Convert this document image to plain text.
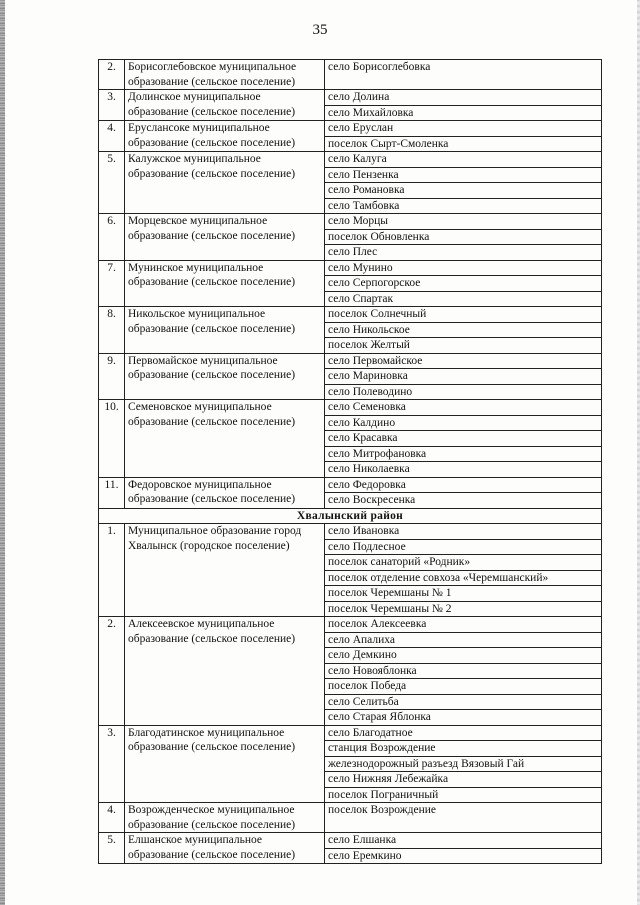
35
2.	Борисоглебовское муниципальное образование (сельское поселение)	село Борисоглебовка
3.	Долинское муниципальное образование (сельское поселение)	село Долина
		село Михайловка
4.	Еруслансоке муниципальное образование (сельское поселение)	село Еруслан
		поселок Сырт-Смоленка
5.	Калужское муниципальное образование (сельское поселение)	село Калуга
		село Пензенка
		село Романовка
		село Тамбовка
6.	Морцевское муниципальное образование (сельское поселение)	село Морцы
		поселок Обновленка
		село Плес
7.	Мунинское муниципальное образование (сельское поселение)	село Мунино
		село Серпогорское
		село Спартак
8.	Никольское муниципальное образование (сельское поселение)	поселок Солнечный
		село Никольское
		поселок Желтый
9.	Первомайское муниципальное образование (сельское поселение)	село Первомайское
		село Мариновка
		село Полеводино
10.	Семеновское муниципальное образование (сельское поселение)	село Семеновка
		село Калдино
		село Красавка
		село Митрофановка
		село Николаевка
11.	Федоровское муниципальное образование (сельское поселение)	село Федоровка
		село Воскресенка
Хвалынский район		
1.	Муниципальное образование город Хвалынск (городское поселение)	село Ивановка
		село Подлесное
		поселок санаторий «Родник»
		поселок отделение совхоза «Черемшанский»
		поселок Черемшаны № 1
		поселок Черемшаны № 2
2.	Алексеевское муниципальное образование (сельское поселение)	поселок Алексеевка
		село Апалиха
		село Демкино
		село Новояблонка
		поселок Победа
		село Селитьба
		село Старая Яблонка
3.	Благодатинское муниципальное образование (сельское поселение)	село Благодатное
		станция Возрождение
		железнодорожный разъезд Вязовый Гай
		село Нижняя Лебежайка
		поселок Пограничный
4.	Возрожденческое муниципальное образование (сельское поселение)	поселок Возрождение
5.	Елшанское муниципальное образование (сельское поселение)	село Елшанка
		село Еремкино
